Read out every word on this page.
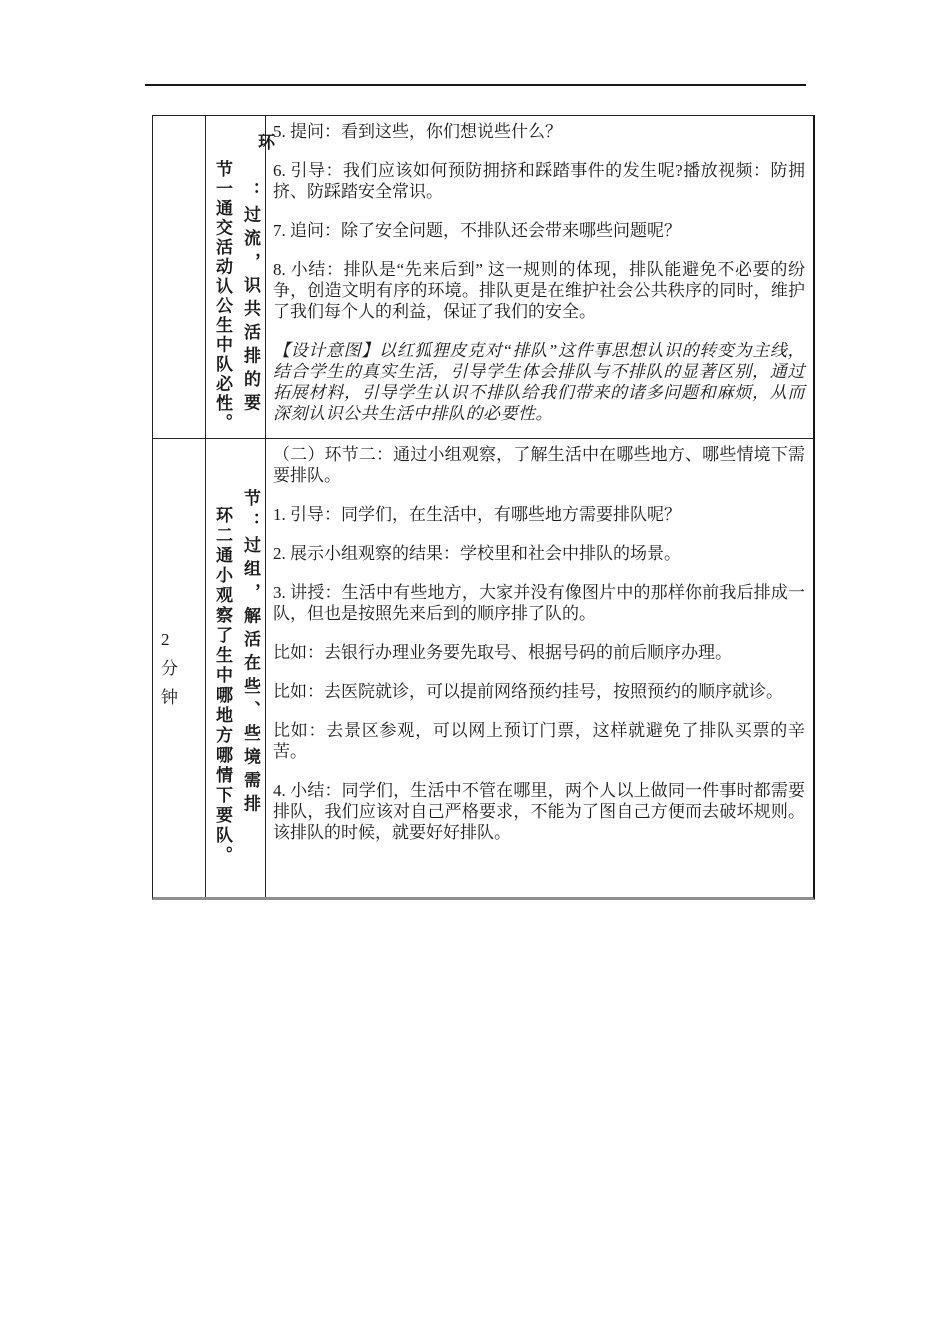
环
节一通交活动认公生中队必性。 ：过流，识共活排的要

5. 提问：看到这些，你们想说些什么？

6. 引导：我们应该如何预防拥挤和踩踏事件的发生呢?播放视频：防拥挤、防踩踏安全常识。

7. 追问：除了安全问题，不排队还会带来哪些问题呢？

8. 小结：排队是“先来后到” 这一规则的体现，排队能避免不必要的纷争，创造文明有序的环境。排队更是在维护社会公共秩序的同时，维护了我们每个人的利益，保证了我们的安全。

【设计意图】以红狐狸皮克对“排队”这件事思想认识的转变为主线，结合学生的真实生活，引导学生体会排队与不排队的显著区别，通过拓展材料，引导学生认识不排队给我们带来的诸多问题和麻烦，从而深刻认识公共生活中排队的必要性。

2 分钟	环二通小观察了生中哪地方哪情下要队。 节：过组，解活在些、些境需排

（二）环节二：通过小组观察，了解生活中在哪些地方、哪些情境下需要排队。

1. 引导：同学们，在生活中，有哪些地方需要排队呢？

2. 展示小组观察的结果：学校里和社会中排队的场景。

3. 讲授：生活中有些地方，大家并没有像图片中的那样你前我后排成一队，但也是按照先来后到的顺序排了队的。

比如：去银行办理业务要先取号、根据号码的前后顺序办理。

比如：去医院就诊，可以提前网络预约挂号，按照预约的顺序就诊。

比如：去景区参观，可以网上预订门票，这样就避免了排队买票的辛苦。

4. 小结：同学们，生活中不管在哪里，两个人以上做同一件事时都需要排队，我们应该对自己严格要求，不能为了图自己方便而去破坏规则。该排队的时候，就要好好排队。
